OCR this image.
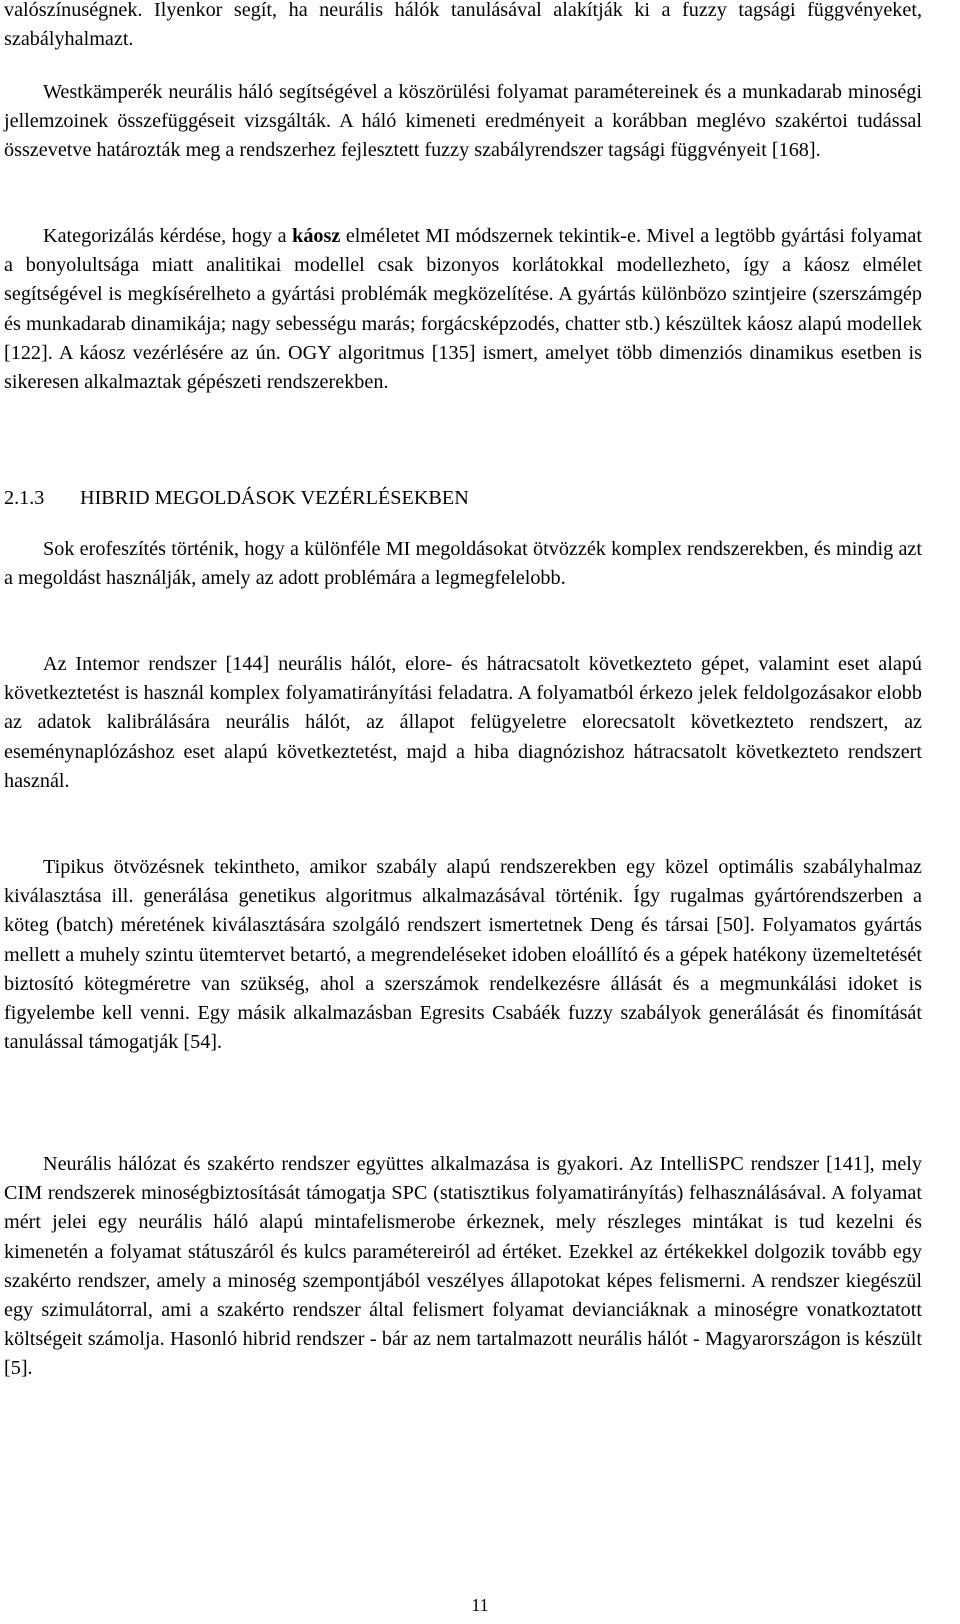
valószínuségnek. Ilyenkor segít, ha neurális hálók tanulásával alakítják ki a fuzzy tagsági függvényeket, szabályhalmazt.

Westkämperék neurális háló segítségével a köszörülési folyamat paramétereinek és a munkadarab minoségi jellemzoinek összefüggéseit vizsgálták. A háló kimeneti eredményeit a korábban meglévo szakértoi tudással összevetve határozták meg a rendszerhez fejlesztett fuzzy szabályrendszer tagsági függvényeit [168].

Kategorizálás kérdése, hogy a káosz elméletet MI módszernek tekintik-e. Mivel a legtöbb gyártási folyamat a bonyolultsága miatt analitikai modellel csak bizonyos korlátokkal modellezheto, így a káosz elmélet segítségével is megkísérelheto a gyártási problémák megközelítése. A gyártás különbözo szintjeire (szerszámgép és munkadarab dinamikája; nagy sebességu marás; forgácsképzodés, chatter stb.) készültek káosz alapú modellek [122]. A káosz vezérlésére az ún. OGY algoritmus [135] ismert, amelyet több dimenziós dinamikus esetben is sikeresen alkalmaztak gépészeti rendszerekben.

2.1.3 HIBRID MEGOLDÁSOK VEZÉRLÉSEKBEN

Sok erofeszítés történik, hogy a különféle MI megoldásokat ötvözzék komplex rendszerekben, és mindig azt a megoldást használják, amely az adott problémára a legmegfelelobb.

Az Intemor rendszer [144] neurális hálót, elore- és hátracsatolt következteto gépet, valamint eset alapú következtetést is használ komplex folyamatirányítási feladatra. A folyamatból érkezo jelek feldolgozásakor elobb az adatok kalibrálására neurális hálót, az állapot felügyeletre elorecsatolt következteto rendszert, az eseménynaplózáshoz eset alapú következtetést, majd a hiba diagnózishoz hátracsatolt következteto rendszert használ.

Tipikus ötvözésnek tekintheto, amikor szabály alapú rendszerekben egy közel optimális szabályhalmaz kiválasztása ill. generálása genetikus algoritmus alkalmazásával történik. Így rugalmas gyártórendszerben a köteg (batch) méretének kiválasztására szolgáló rendszert ismertetnek Deng és társai [50]. Folyamatos gyártás mellett a muhely szintu ütemtervet betartó, a megrendeléseket idoben eloállító és a gépek hatékony üzemeltetését biztosító kötegméretre van szükség, ahol a szerszámok rendelkezésre állását és a megmunkálási idoket is figyelembe kell venni. Egy másik alkalmazásban Egresits Csabáék fuzzy szabályok generálását és finomítását tanulással támogatják [54].

Neurális hálózat és szakérto rendszer együttes alkalmazása is gyakori. Az IntelliSPC rendszer [141], mely CIM rendszerek minoségbiztosítását támogatja SPC (statisztikus folyamatirányítás) felhasználásával. A folyamat mért jelei egy neurális háló alapú mintafelismerobe érkeznek, mely részleges mintákat is tud kezelni és kimenetén a folyamat státuszáról és kulcs paramétereiról ad értéket. Ezekkel az értékekkel dolgozik tovább egy szakérto rendszer, amely a minoség szempontjából veszélyes állapotokat képes felismerni. A rendszer kiegészül egy szimulátorral, ami a szakérto rendszer által felismert folyamat devianciáknak a minoségre vonatkoztatott költségeit számolja. Hasonló hibrid rendszer - bár az nem tartalmazott neurális hálót - Magyarországon is készült [5].

11
